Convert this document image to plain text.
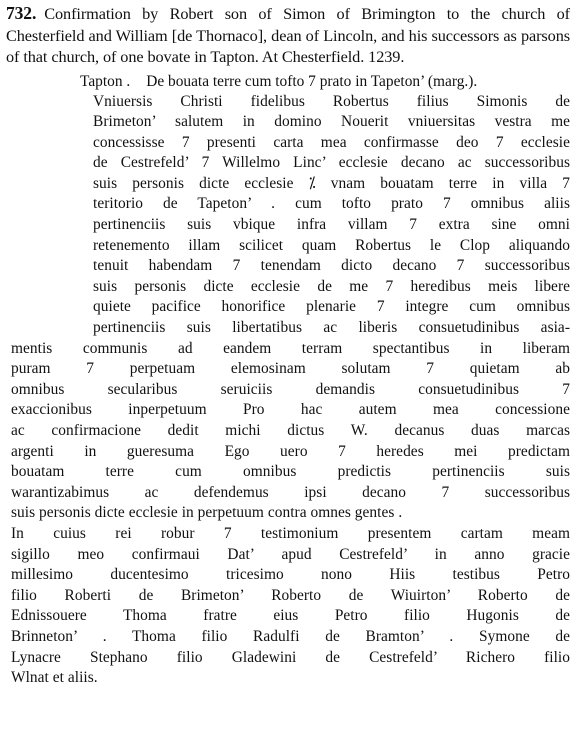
732. Confirmation by Robert son of Simon of Brimington to the church of Chesterfield and William [de Thornaco], dean of Lincoln, and his successors as parsons of that church, of one bovate in Tapton. At Chesterfield. 1239.

Tapton . De bouata terre cum tofto 7 prato in Tapeton’ (marg.).
Vniuersis Christi fidelibus Robertus filius Simonis de
Brimeton’ salutem in domino Nouerit vniuersitas vestra me
concessisse 7 presenti carta mea confirmasse deo 7 ecclesie
de Cestrefeld’ 7 Willelmo Linc’ ecclesie decano ac successoribus
suis personis dicte ecclesie ⁒ vnam bouatam terre in villa 7
teritorio de Tapeton’ . cum tofto prato 7 omnibus aliis
pertinenciis suis vbique infra villam 7 extra sine omni
retenemento illam scilicet quam Robertus le Clop aliquando
tenuit habendam 7 tenendam dicto decano 7 successoribus
suis personis dicte ecclesie de me 7 heredibus meis libere
quiete pacifice honorifice plenarie 7 integre cum omnibus
pertinenciis suis libertatibus ac liberis consuetudinibus asia-
mentis communis ad eandem terram spectantibus in liberam
puram 7 perpetuam elemosinam solutam 7 quietam ab
omnibus secularibus seruiciis demandis consuetudinibus 7
exaccionibus inperpetuum Pro hac autem mea concessione
ac confirmacione dedit michi dictus W. decanus duas marcas
argenti in gueresuma Ego uero 7 heredes mei predictam
bouatam terre cum omnibus predictis pertinenciis suis
warantizabimus ac defendemus ipsi decano 7 successoribus
suis personis dicte ecclesie in perpetuum contra omnes gentes .
In cuius rei robur 7 testimonium presentem cartam meam
sigillo meo confirmaui Dat’ apud Cestrefeld’ in anno gracie
millesimo ducentesimo tricesimo nono Hiis testibus Petro
filio Roberti de Brimeton’ Roberto de Wiuirton’ Roberto de
Ednissouere Thoma fratre eius Petro filio Hugonis de
Brinneton’ . Thoma filio Radulfi de Bramton’ . Symone de
Lynacre Stephano filio Gladewini de Cestrefeld’ Richero filio
Wlnat et aliis.
